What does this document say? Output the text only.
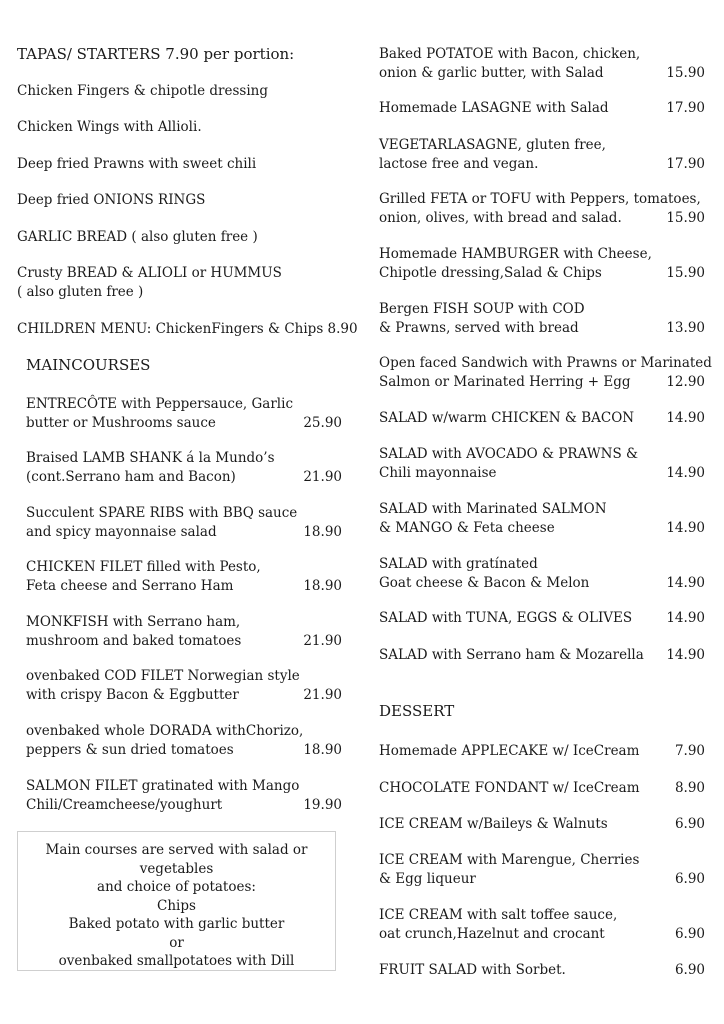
TAPAS/ STARTERS 7.90 per portion:
Chicken Fingers & chipotle dressing
Chicken Wings with Allioli.
Deep fried Prawns with sweet chili
Deep fried ONIONS RINGS
GARLIC BREAD ( also gluten free )
Crusty BREAD & ALIOLI or HUMMUS
( also gluten free )
CHILDREN MENU: ChickenFingers & Chips 8.90
MAINCOURSES
ENTRECÔTE with Peppersauce, Garlic
butter or Mushrooms sauce	25.90
Braised LAMB SHANK á la Mundo’s
(cont.Serrano ham and Bacon)	21.90
Succulent SPARE RIBS with BBQ sauce
and spicy mayonnaise salad	18.90
CHICKEN FILET filled with Pesto,
Feta cheese and Serrano Ham	18.90
MONKFISH with Serrano ham,
mushroom and baked tomatoes	21.90
ovenbaked COD FILET Norwegian style
with crispy Bacon & Eggbutter	21.90
ovenbaked whole DORADA withChorizo,
peppers & sun dried tomatoes	18.90
SALMON FILET gratinated with Mango
Chili/Creamcheese/youghurt	19.90
Main courses are served with salad or
vegetables
and choice of potatoes:
Chips
Baked potato with garlic butter
or
ovenbaked smallpotatoes with Dill
Baked POTATOE with Bacon, chicken,
onion & garlic butter, with Salad	15.90
Homemade LASAGNE with Salad	17.90
VEGETARLASAGNE, gluten free,
lactose free and vegan.	17.90
Grilled FETA or TOFU with Peppers, tomatoes,
onion, olives, with bread and salad.	15.90
Homemade HAMBURGER with Cheese,
Chipotle dressing,Salad & Chips	15.90
Bergen FISH SOUP with COD
& Prawns, served with bread	13.90
Open faced Sandwich with Prawns or Marinated
Salmon or Marinated Herring + Egg	12.90
SALAD w/warm CHICKEN & BACON 14.90
SALAD with AVOCADO & PRAWNS &
Chili mayonnaise	14.90
SALAD with Marinated SALMON
& MANGO & Feta cheese	14.90
SALAD with gratínated
Goat cheese & Bacon & Melon	14.90
SALAD with TUNA, EGGS & OLIVES	14.90
SALAD with Serrano ham & Mozarella 14.90
DESSERT
Homemade APPLECAKE w/ IceCream	7.90
CHOCOLATE FONDANT w/ IceCream	8.90
ICE CREAM w/Baileys & Walnuts	6.90
ICE CREAM with Marengue, Cherries
& Egg liqueur	6.90
ICE CREAM with salt toffee sauce,
oat crunch,Hazelnut and crocant	6.90
FRUIT SALAD with Sorbet.	6.90
